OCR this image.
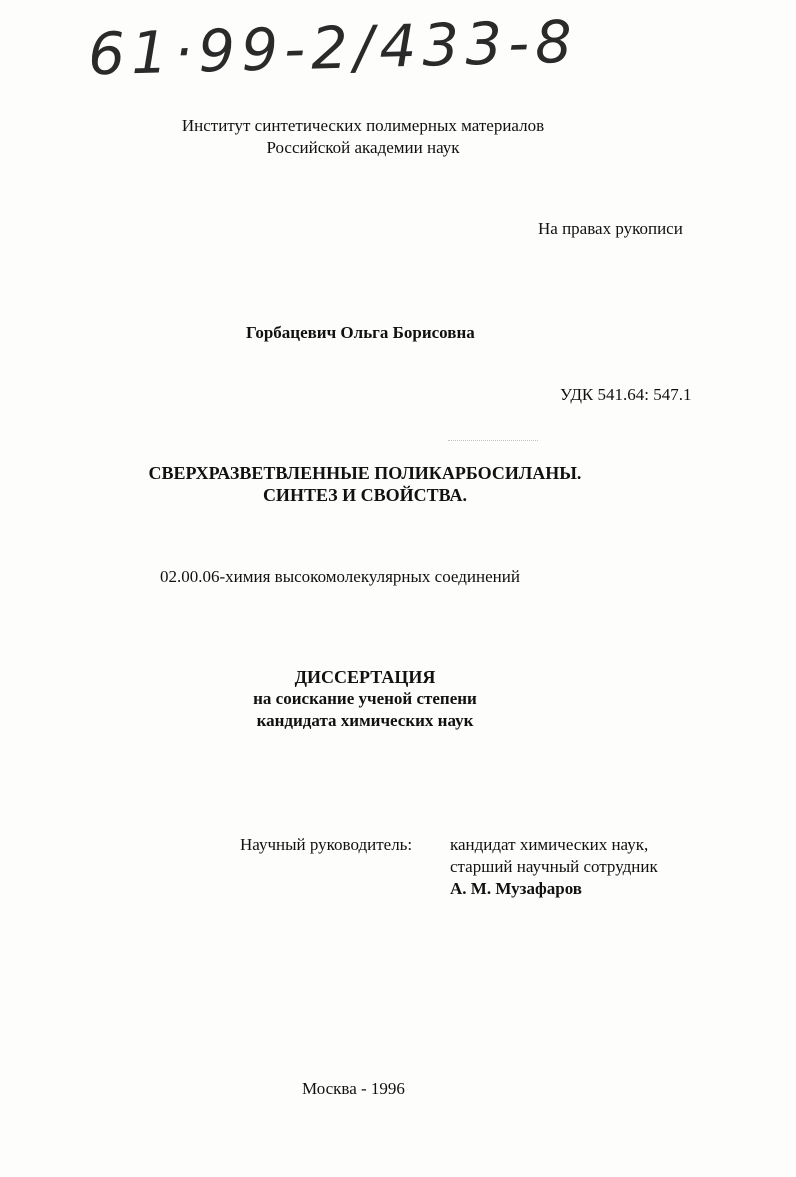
61·99-2/433-8
Институт синтетических полимерных материалов
Российской академии наук
На правах рукописи
Горбацевич Ольга Борисовна
УДК 541.64: 547.1
СВЕРХРАЗВЕТВЛЕННЫЕ ПОЛИКАРБОСИЛАНЫ.
СИНТЕЗ И СВОЙСТВА.
02.00.06-химия высокомолекулярных соединений
ДИССЕРТАЦИЯ
на соискание ученой степени
кандидата химических наук
Научный руководитель: кандидат химических наук,
старший научный сотрудник
А. М. Музафаров
Москва - 1996
